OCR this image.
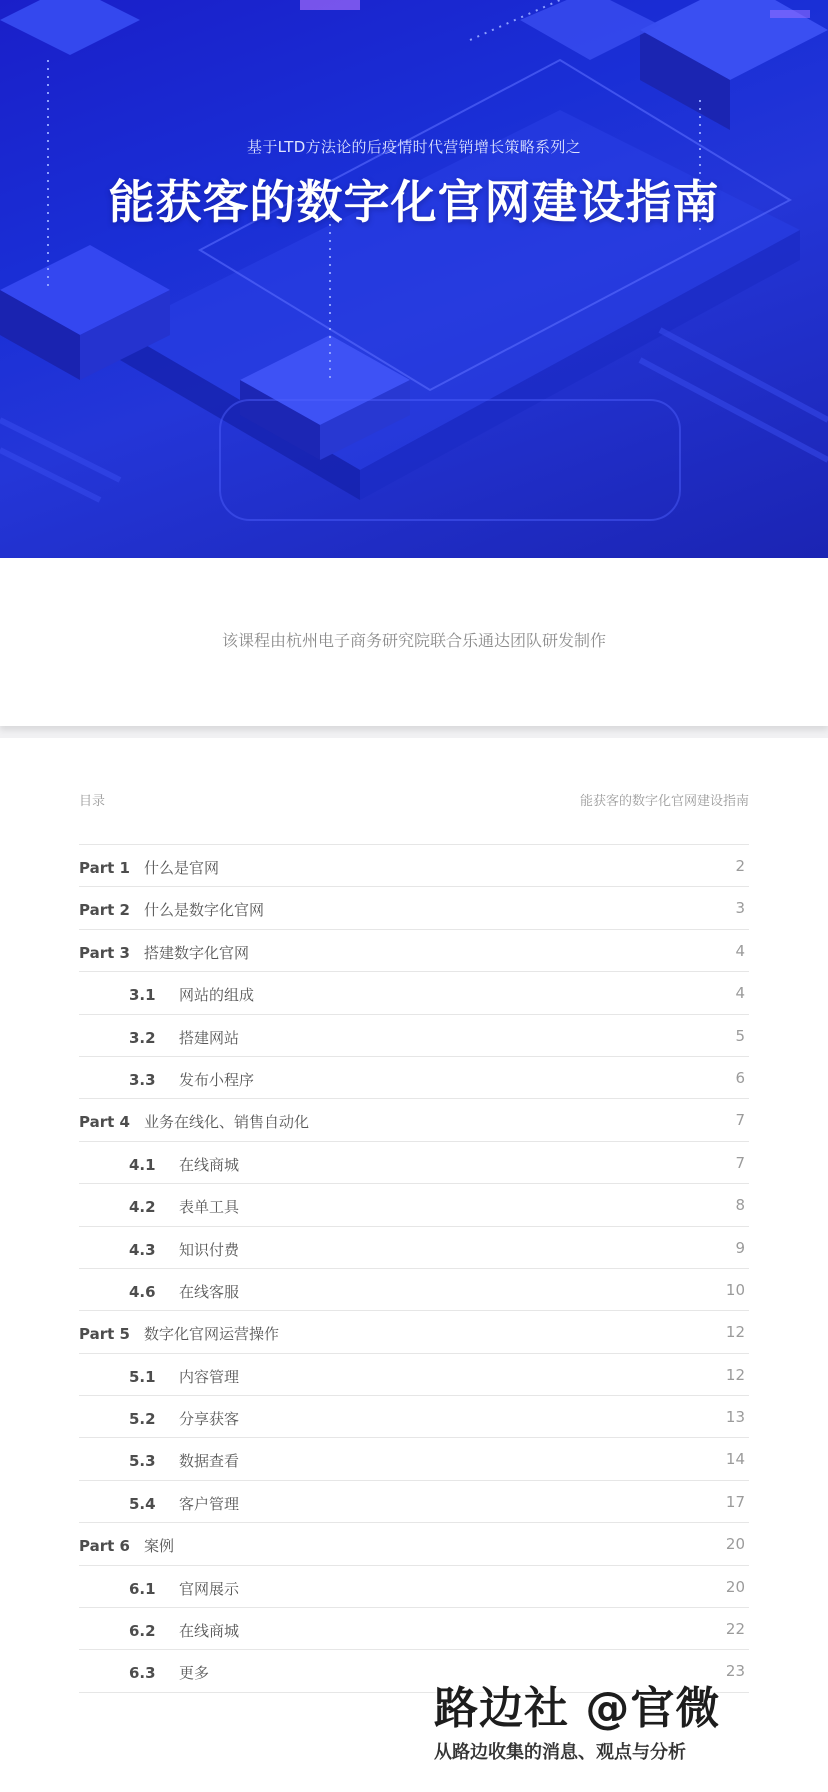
基于LTD方法论的后疫情时代营销增长策略系列之
能获客的数字化官网建设指南
该课程由杭州电子商务研究院联合乐通达团队研发制作
目录	能获客的数字化官网建设指南
Part 1 什么是官网	2
Part 2 什么是数字化官网	3
Part 3 搭建数字化官网	4
3.1 网站的组成	4
3.2 搭建网站	5
3.3 发布小程序	6
Part 4 业务在线化、销售自动化	7
4.1 在线商城	7
4.2 表单工具	8
4.3 知识付费	9
4.6 在线客服	10
Part 5 数字化官网运营操作	12
5.1 内容管理	12
5.2 分享获客	13
5.3 数据查看	14
5.4 客户管理	17
Part 6 案例	20
6.1 官网展示	20
6.2 在线商城	22
6.3 更多	23
路边社 @官微
从路边收集的消息、观点与分析
